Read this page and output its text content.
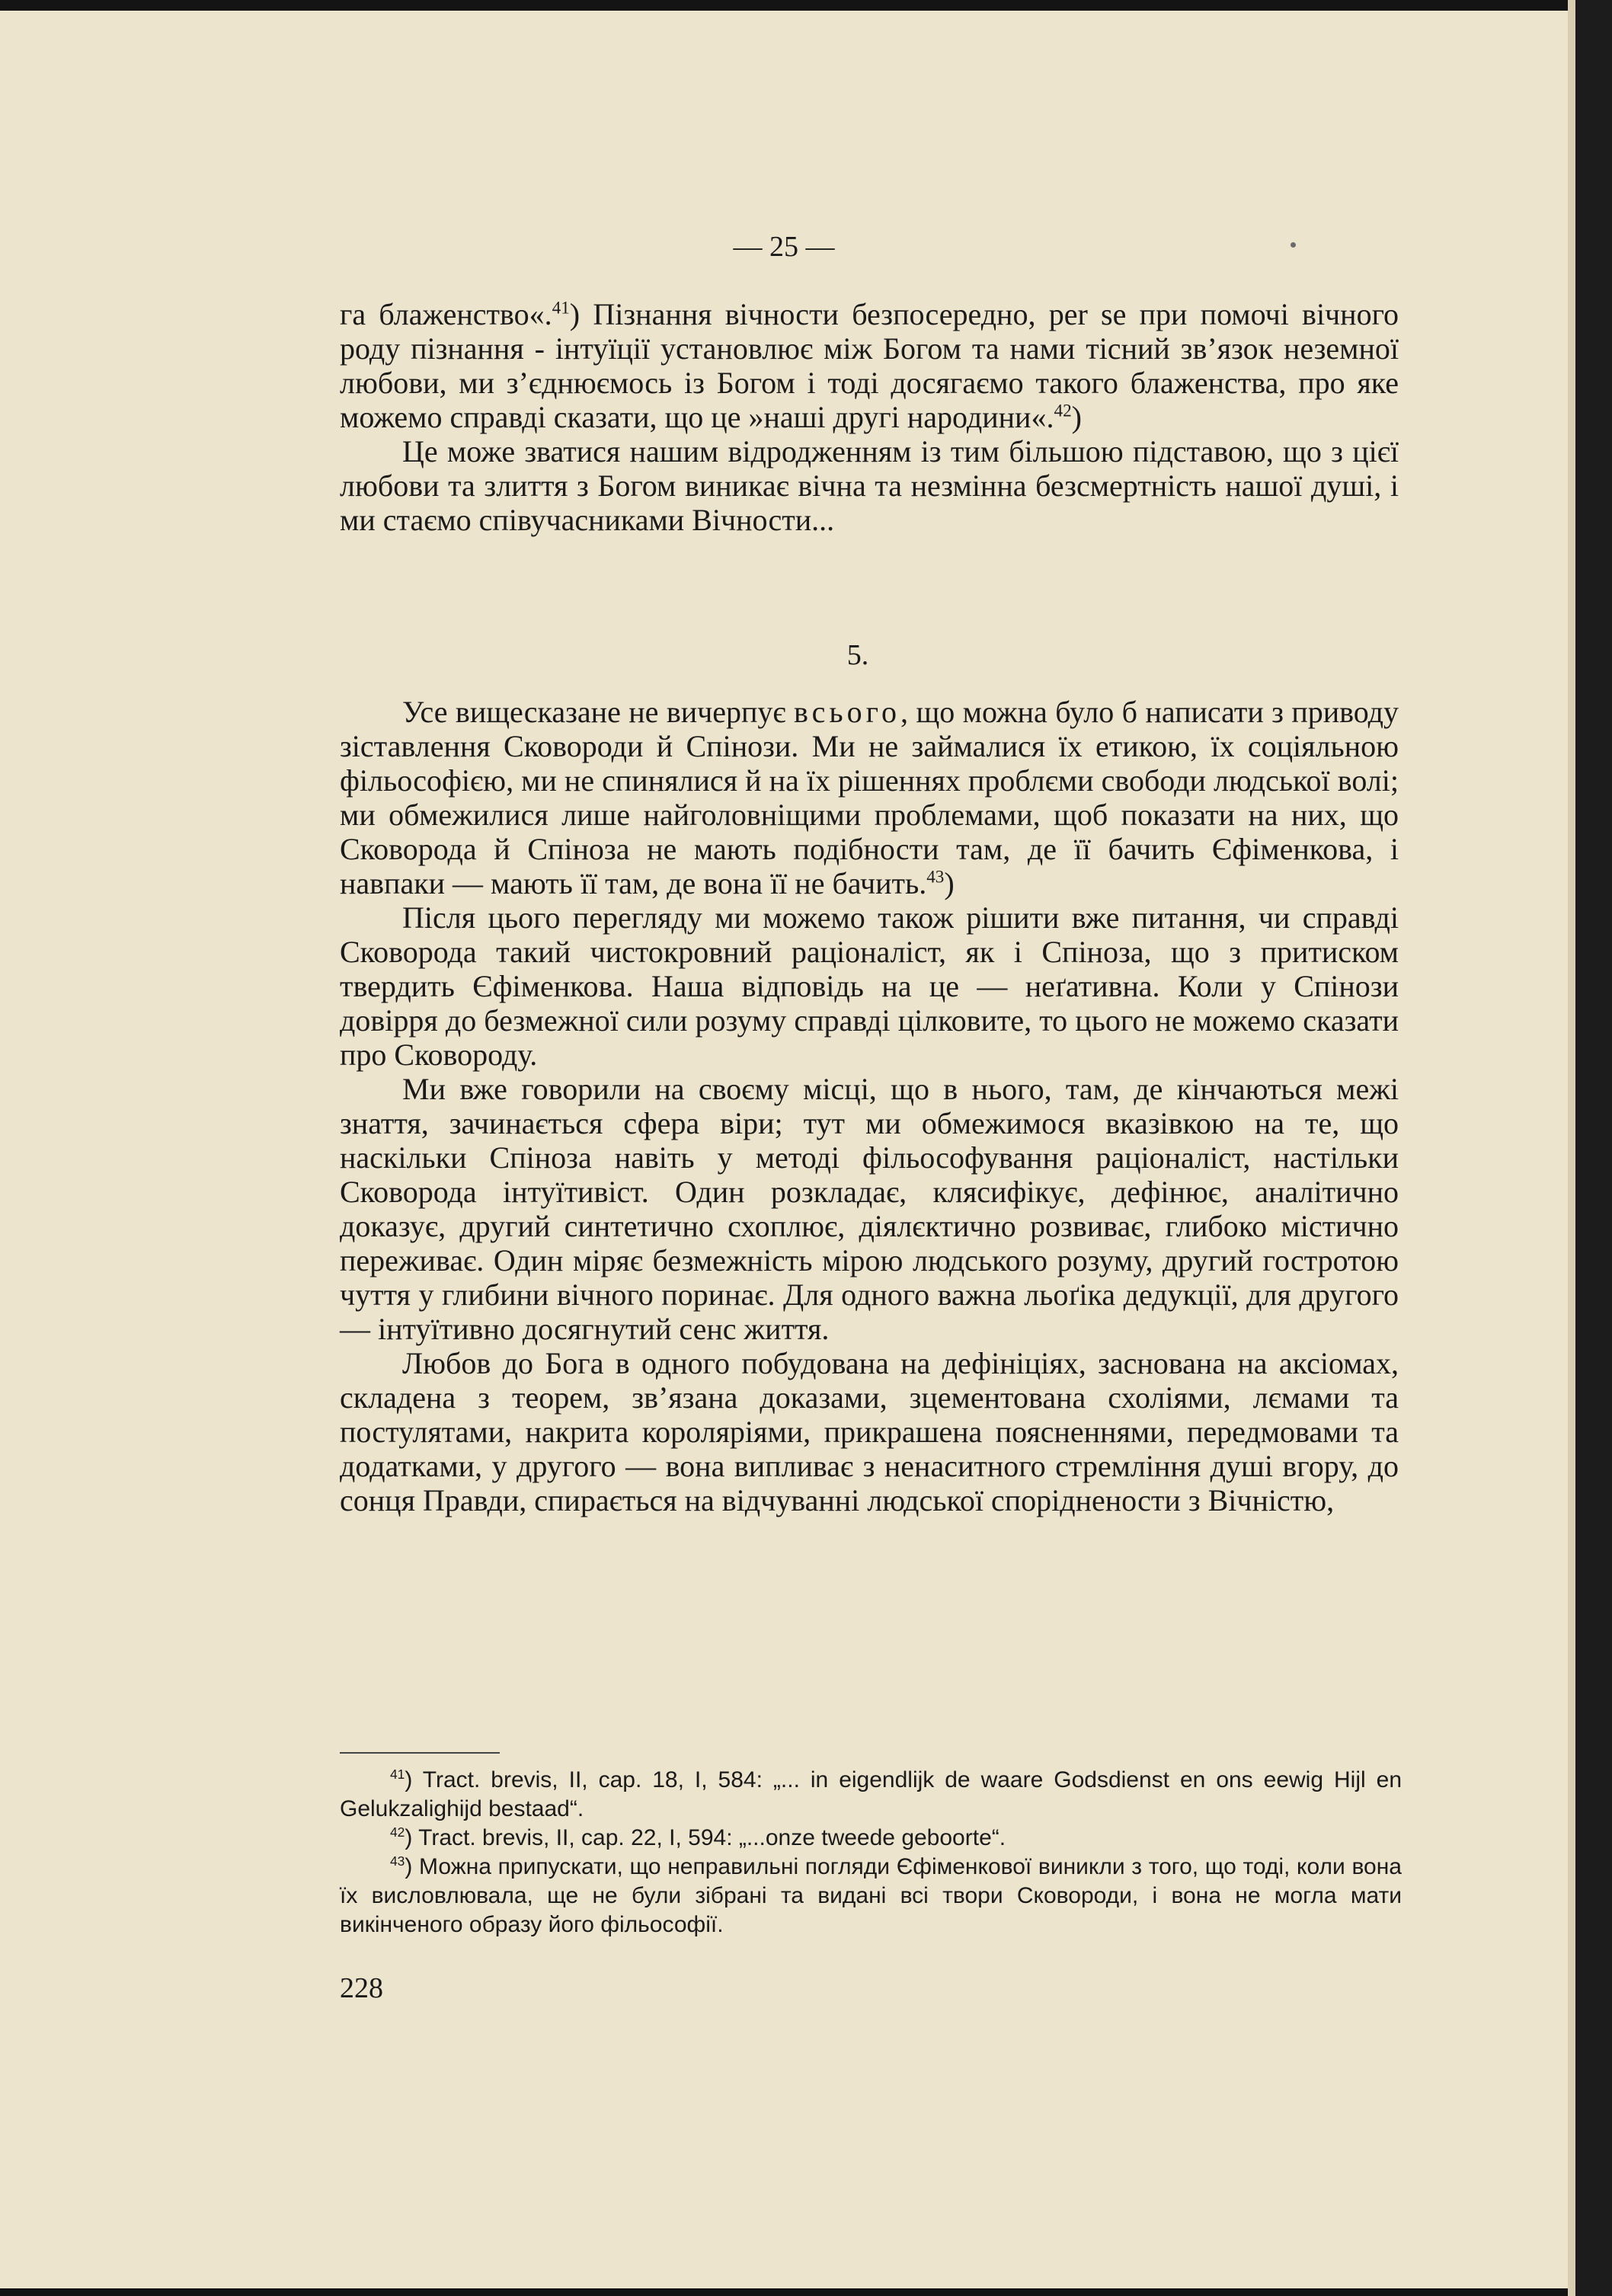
— 25 —

га блаженство«.$^{41}$) Пізнання вічности безпосередно, per se при помочі вічного роду пізнання - інтуїції установлює між Богом та нами тісний зв’язок неземної любови, ми з’єднюємось із Богом і тоді досягаємо такого блаженства, про яке можемо справді сказати, що це »наші другі народини«.$^{42}$)

Це може зватися нашим відродженням із тим більшою підставою, що з цієї любови та злиття з Богом виникає вічна та незмінна безсмертність нашої душі, і ми стаємо співучасниками Вічности...

5.

Усе вищесказане не вичерпує всього, що можна було б написати з приводу зіставлення Сковороди й Спінози. Ми не займалися їх етикою, їх соціяльною фільософією, ми не спинялися й на їх рішеннях проблєми свободи людської волі; ми обмежилися лише найголовніщими проблемами, щоб показати на них, що Сковорода й Спіноза не мають подібности там, де її бачить Єфіменкова, і навпаки — мають її там, де вона її не бачить.$^{43}$)

Після цього перегляду ми можемо також рішити вже питання, чи справді Сковорода такий чистокровний раціоналіст, як і Спіноза, що з притиском твердить Єфіменкова. Наша відповідь на це — неґативна. Коли у Спінози довірря до безмежної сили розуму справді цілковите, то цього не можемо сказати про Сковороду.

Ми вже говорили на своєму місці, що в нього, там, де кінчаються межі знаття, зачинається сфера віри; тут ми обмежимося вказівкою на те, що наскільки Спіноза навіть у методі фільософування раціоналіст, настільки Сковорода інтуїтивіст. Один розкладає, клясифікує, дефінює, аналітично доказує, другий синтетично схоплює, діялєктично розвиває, глибоко містично переживає. Один міряє безмежність мірою людського розуму, другий гостротою чуття у глибини вічного поринає. Для одного важна льоґіка дедукції, для другого — інтуїтивно досягнутий сенс життя.

Любов до Бога в одного побудована на дефініціях, заснована на аксіомах, складена з теорем, зв’язана доказами, зцементована схоліями, лємами та постулятами, накрита королярiями, прикрашена поясненнями, передмовами та додатками, у другого — вона випливає з ненаситного стремління душі вгору, до сонця Правди, спирається на відчуванні людської споріднености з Вічністю,

$^{41}$) Tract. brevis, II, cap. 18, I, 584: „... in eigendlijk de waare Godsdienst en ons eewig Hijl en Gelukzalighijd bestaad“.

$^{42}$) Tract. brevis, II, cap. 22, I, 594: „...onze tweede geboorte“.

$^{43}$) Можна припускати, що неправильні погляди Єфіменкової виникли з того, що тоді, коли вона їх висловлювала, ще не були зібрані та видані всі твори Сковороди, і вона не могла мати викінченого образу його фільософії.

228
